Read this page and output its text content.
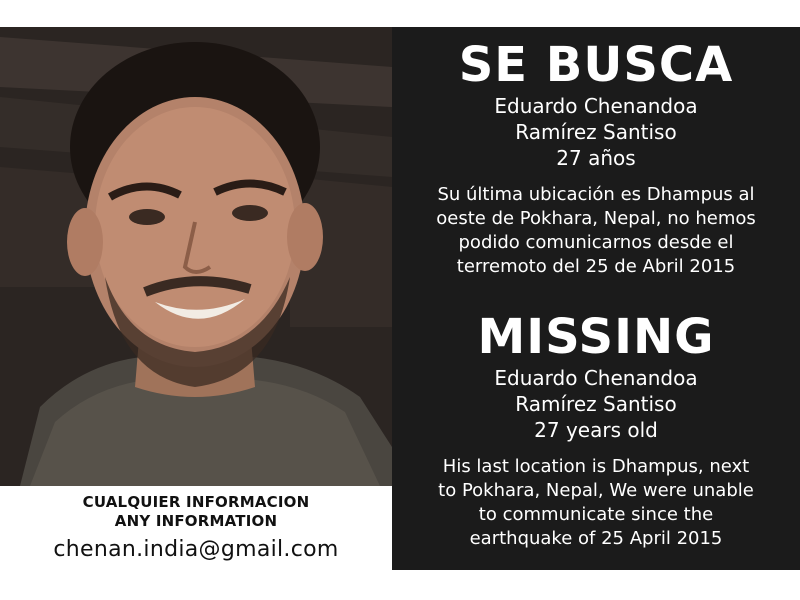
CUALQUIER INFORMACION
ANY INFORMATION
chenan.india@gmail.com
SE BUSCA
Eduardo Chenandoa
Ramírez Santiso
27 años
Su última ubicación es Dhampus al
oeste de Pokhara, Nepal, no hemos
podido comunicarnos desde el
terremoto del 25 de Abril 2015
MISSING
Eduardo Chenandoa
Ramírez Santiso
27 years old
His last location is Dhampus, next
to Pokhara, Nepal, We were unable
to communicate since the
earthquake of 25 April 2015
